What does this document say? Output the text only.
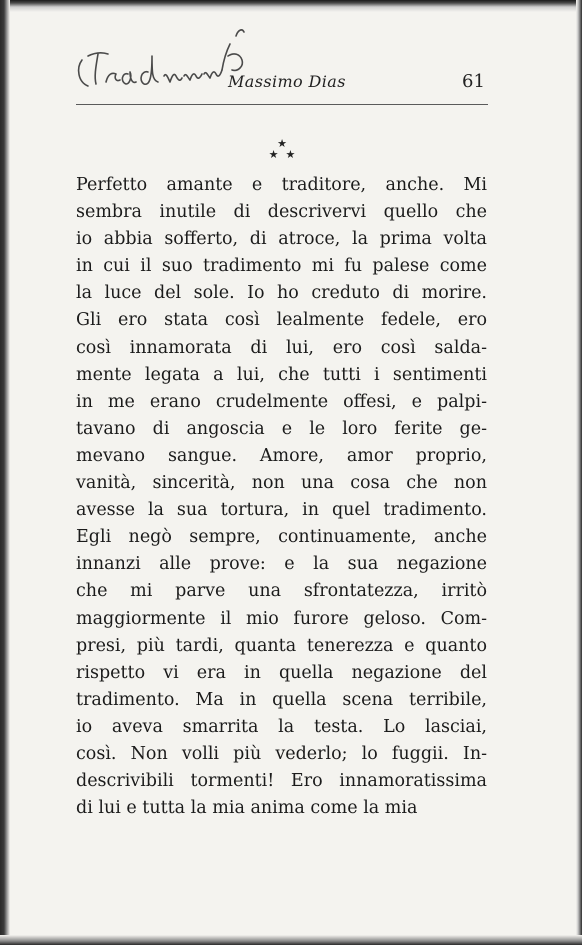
Massimo Dias	61
★
★  ★
Perfetto amante e traditore, anche. Mi
sembra inutile di descrivervi quello che
io abbia sofferto, di atroce, la prima volta
in cui il suo tradimento mi fu palese come
la luce del sole. Io ho creduto di morire.
Gli ero stata così lealmente fedele, ero
così innamorata di lui, ero così salda-
mente legata a lui, che tutti i sentimenti
in me erano crudelmente offesi, e palpi-
tavano di angoscia e le loro ferite ge-
mevano sangue. Amore, amor proprio,
vanità, sincerità, non una cosa che non
avesse la sua tortura, in quel tradimento.
Egli negò sempre, continuamente, anche
innanzi alle prove: e la sua negazione
che mi parve una sfrontatezza, irritò
maggiormente il mio furore geloso. Com-
presi, più tardi, quanta tenerezza e quanto
rispetto vi era in quella negazione del
tradimento. Ma in quella scena terribile,
io aveva smarrita la testa. Lo lasciai,
così. Non volli più vederlo; lo fuggii. In-
descrivibili tormenti! Ero innamoratissima
di lui e tutta la mia anima come la mia
